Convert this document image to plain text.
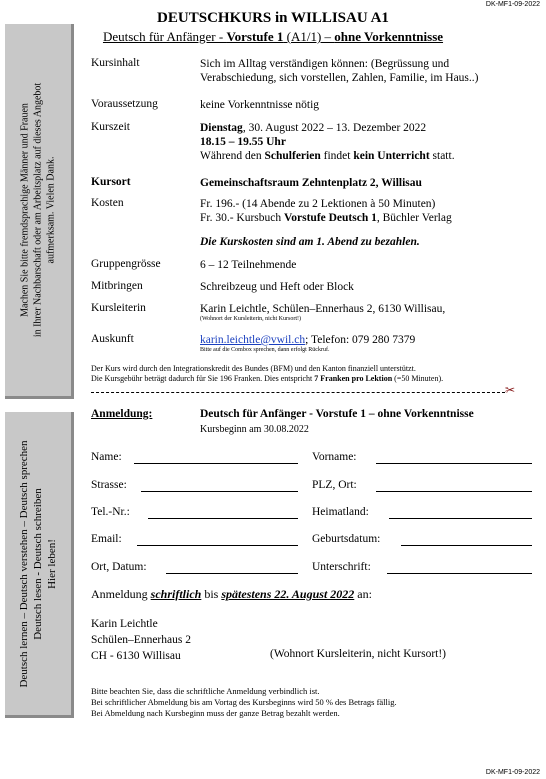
DK-MF1-09-2022
DK-MF1-09-2022
DEUTSCHKURS in WILLISAU A1
Deutsch für Anfänger - Vorstufe 1 (A1/1) – ohne Vorkenntnisse
Machen Sie bitte fremdsprachige Männer und Frauen in Ihrer Nachbarschaft oder am Arbeitsplatz auf dieses Angebot aufmerksam. Vielen Dank.
Deutsch lernen – Deutsch verstehen – Deutsch sprechen Deutsch lesen - Deutsch schreiben Hier leben!
Kursinhalt	Sich im Alltag verständigen können: (Begrüssung und
Verabschiedung, sich vorstellen, Zahlen, Familie, im Haus..)
Voraussetzung	keine Vorkenntnisse nötig
Kurszeit	Dienstag, 30. August 2022 – 13. Dezember 2022
18.15 – 19.55 Uhr
Während den Schulferien findet kein Unterricht statt.
Kursort	Gemeinschaftsraum Zehntenplatz 2, Willisau
Kosten	Fr. 196.- (14 Abende zu 2 Lektionen à 50 Minuten)
Fr. 30.- Kursbuch Vorstufe Deutsch 1, Büchler Verlag
Die Kurskosten sind am 1. Abend zu bezahlen.
Gruppengrösse	6 – 12 Teilnehmende
Mitbringen	Schreibzeug und Heft oder Block
Kursleiterin	Karin Leichtle, Schülen–Ennerhaus 2, 6130 Willisau,
(Wohnort der Kursleiterin, nicht Kursort!)
Auskunft	karin.leichtle@vwil.ch; Telefon: 079 280 7379
Bitte auf die Combox sprechen, dann erfolgt Rückruf.
Der Kurs wird durch den Integrationskredit des Bundes (BFM) und den Kanton finanziell unterstützt.
Die Kursgebühr beträgt dadurch für Sie 196 Franken. Dies entspricht 7 Franken pro Lektion (=50 Minuten).
✂
Anmeldung:	Deutsch für Anfänger - Vorstufe 1 – ohne Vorkenntnisse
Kursbeginn am 30.08.2022
Name:	Vorname:
Strasse:	PLZ, Ort:
Tel.-Nr.:	Heimatland:
Email:	Geburtsdatum:
Ort, Datum:	Unterschrift:
Anmeldung schriftlich bis spätestens 22. August 2022 an:
Karin Leichtle
Schülen–Ennerhaus 2
CH - 6130 Willisau	(Wohnort Kursleiterin, nicht Kursort!)
Bitte beachten Sie, dass die schriftliche Anmeldung verbindlich ist.
Bei schriftlicher Abmeldung bis am Vortag des Kursbeginns wird 50 % des Betrags fällig.
Bei Abmeldung nach Kursbeginn muss der ganze Betrag bezahlt werden.
